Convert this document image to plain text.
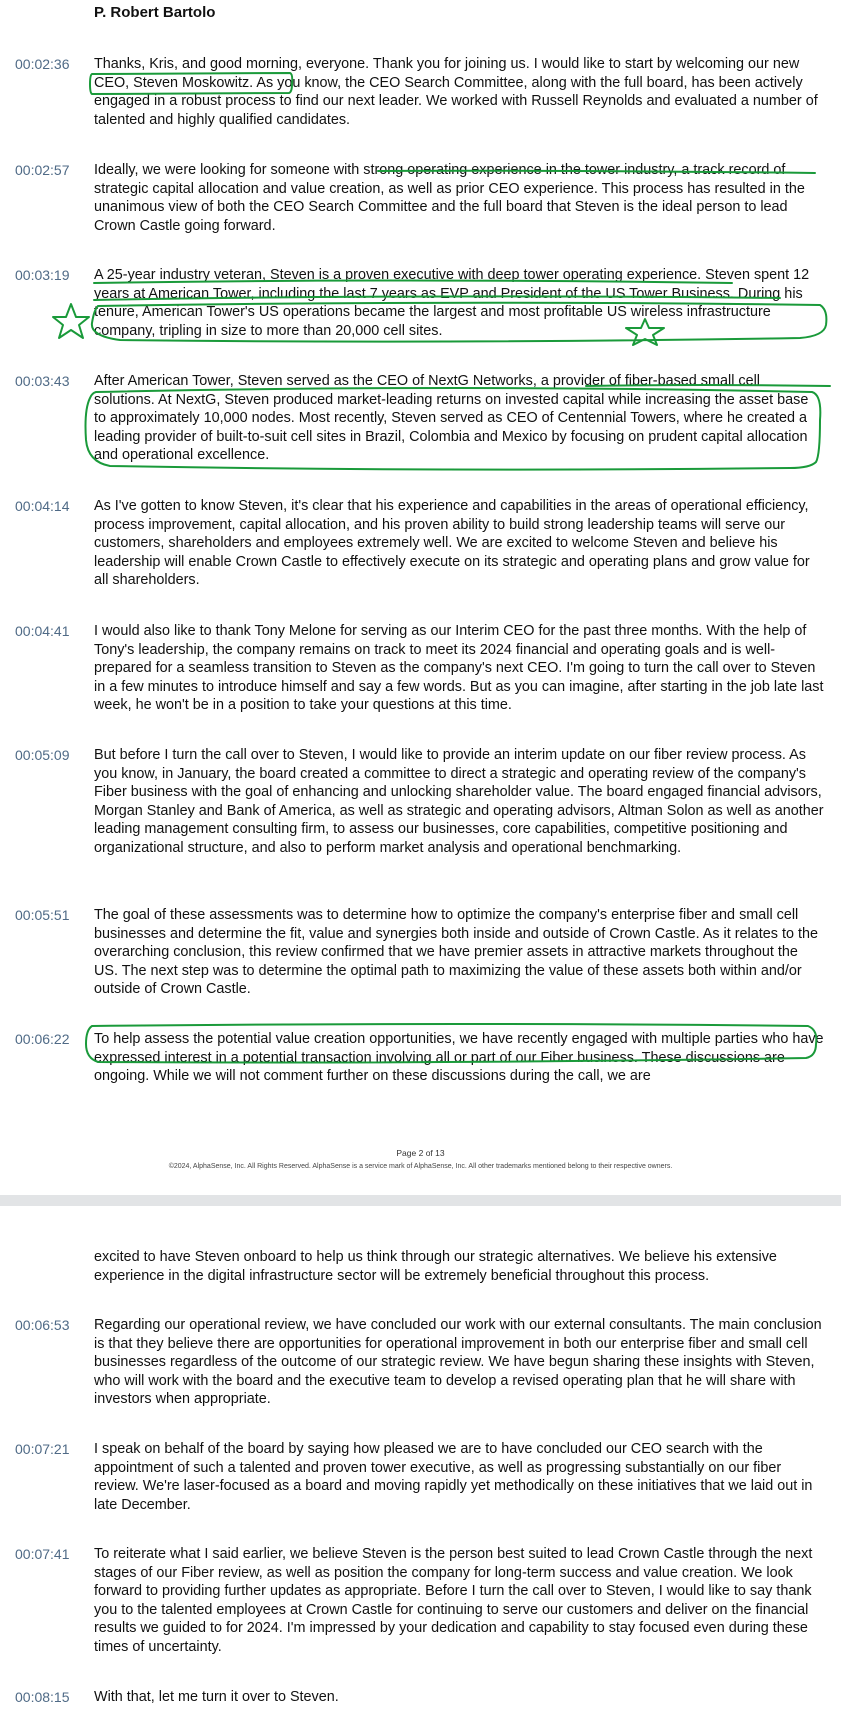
P. Robert Bartolo
00:02:36 Thanks, Kris, and good morning, everyone. Thank you for joining us. I would like to start by welcoming our new CEO, Steven Moskowitz. As you know, the CEO Search Committee, along with the full board, has been actively engaged in a robust process to find our next leader. We worked with Russell Reynolds and evaluated a number of talented and highly qualified candidates.
00:02:57 Ideally, we were looking for someone with strong operating experience in the tower industry, a track record of strategic capital allocation and value creation, as well as prior CEO experience. This process has resulted in the unanimous view of both the CEO Search Committee and the full board that Steven is the ideal person to lead Crown Castle going forward.
00:03:19 A 25-year industry veteran, Steven is a proven executive with deep tower operating experience. Steven spent 12 years at American Tower, including the last 7 years as EVP and President of the US Tower Business. During his tenure, American Tower's US operations became the largest and most profitable US wireless infrastructure company, tripling in size to more than 20,000 cell sites.
00:03:43 After American Tower, Steven served as the CEO of NextG Networks, a provider of fiber-based small cell solutions. At NextG, Steven produced market-leading returns on invested capital while increasing the asset base to approximately 10,000 nodes. Most recently, Steven served as CEO of Centennial Towers, where he created a leading provider of built-to-suit cell sites in Brazil, Colombia and Mexico by focusing on prudent capital allocation and operational excellence.
00:04:14 As I've gotten to know Steven, it's clear that his experience and capabilities in the areas of operational efficiency, process improvement, capital allocation, and his proven ability to build strong leadership teams will serve our customers, shareholders and employees extremely well. We are excited to welcome Steven and believe his leadership will enable Crown Castle to effectively execute on its strategic and operating plans and grow value for all shareholders.
00:04:41 I would also like to thank Tony Melone for serving as our Interim CEO for the past three months. With the help of Tony's leadership, the company remains on track to meet its 2024 financial and operating goals and is well-prepared for a seamless transition to Steven as the company's next CEO. I'm going to turn the call over to Steven in a few minutes to introduce himself and say a few words. But as you can imagine, after starting in the job late last week, he won't be in a position to take your questions at this time.
00:05:09 But before I turn the call over to Steven, I would like to provide an interim update on our fiber review process. As you know, in January, the board created a committee to direct a strategic and operating review of the company's Fiber business with the goal of enhancing and unlocking shareholder value. The board engaged financial advisors, Morgan Stanley and Bank of America, as well as strategic and operating advisors, Altman Solon as well as another leading management consulting firm, to assess our businesses, core capabilities, competitive positioning and organizational structure, and also to perform market analysis and operational benchmarking.
00:05:51 The goal of these assessments was to determine how to optimize the company's enterprise fiber and small cell businesses and determine the fit, value and synergies both inside and outside of Crown Castle. As it relates to the overarching conclusion, this review confirmed that we have premier assets in attractive markets throughout the US. The next step was to determine the optimal path to maximizing the value of these assets both within and/or outside of Crown Castle.
00:06:22 To help assess the potential value creation opportunities, we have recently engaged with multiple parties who have expressed interest in a potential transaction involving all or part of our Fiber business. These discussions are ongoing. While we will not comment further on these discussions during the call, we are
Page 2 of 13
©2024, AlphaSense, Inc. All Rights Reserved. AlphaSense is a service mark of AlphaSense, Inc. All other trademarks mentioned belong to their respective owners.
excited to have Steven onboard to help us think through our strategic alternatives. We believe his extensive experience in the digital infrastructure sector will be extremely beneficial throughout this process.
00:06:53 Regarding our operational review, we have concluded our work with our external consultants. The main conclusion is that they believe there are opportunities for operational improvement in both our enterprise fiber and small cell businesses regardless of the outcome of our strategic review. We have begun sharing these insights with Steven, who will work with the board and the executive team to develop a revised operating plan that he will share with investors when appropriate.
00:07:21 I speak on behalf of the board by saying how pleased we are to have concluded our CEO search with the appointment of such a talented and proven tower executive, as well as progressing substantially on our fiber review. We're laser-focused as a board and moving rapidly yet methodically on these initiatives that we laid out in late December.
00:07:41 To reiterate what I said earlier, we believe Steven is the person best suited to lead Crown Castle through the next stages of our Fiber review, as well as position the company for long-term success and value creation. We look forward to providing further updates as appropriate. Before I turn the call over to Steven, I would like to say thank you to the talented employees at Crown Castle for continuing to serve our customers and deliver on the financial results we guided to for 2024. I'm impressed by your dedication and capability to stay focused even during these times of uncertainty.
00:08:15 With that, let me turn it over to Steven.
